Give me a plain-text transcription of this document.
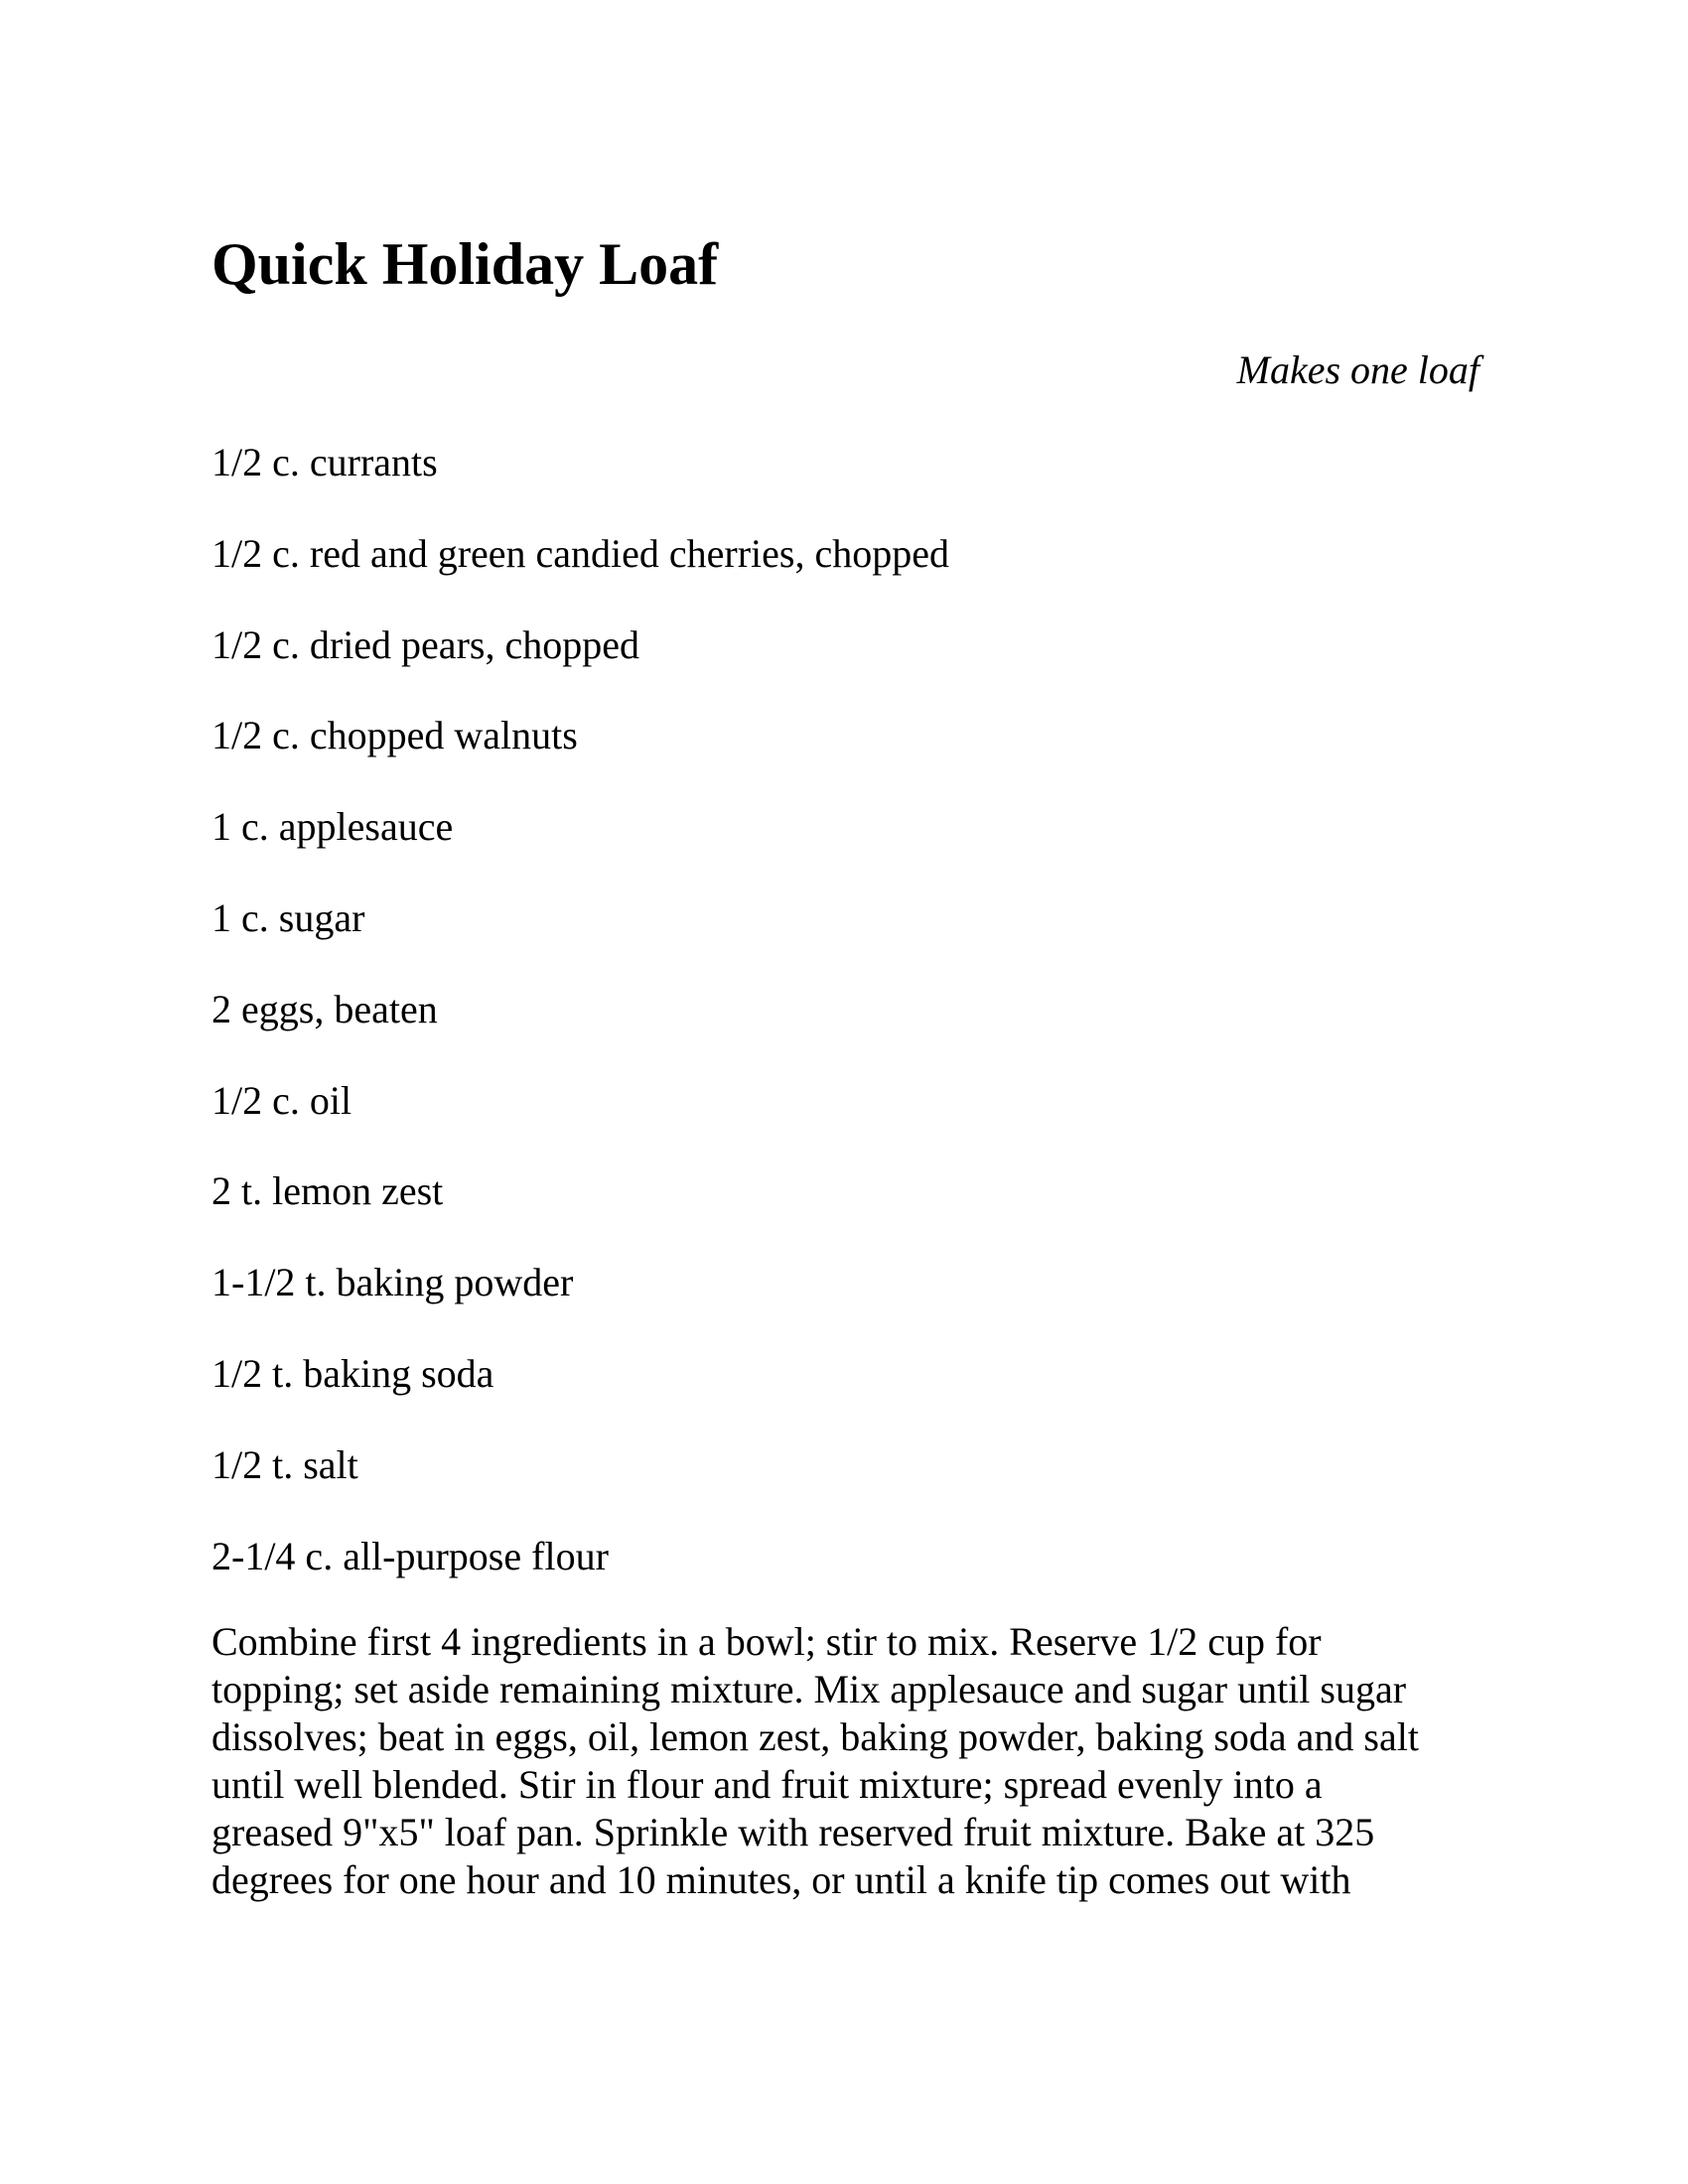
Quick Holiday Loaf

Makes one loaf

1/2 c. currants
1/2 c. red and green candied cherries, chopped
1/2 c. dried pears, chopped
1/2 c. chopped walnuts
1 c. applesauce
1 c. sugar
2 eggs, beaten
1/2 c. oil
2 t. lemon zest
1-1/2 t. baking powder
1/2 t. baking soda
1/2 t. salt
2-1/4 c. all-purpose flour

Combine first 4 ingredients in a bowl; stir to mix. Reserve 1/2 cup for
topping; set aside remaining mixture. Mix applesauce and sugar until sugar
dissolves; beat in eggs, oil, lemon zest, baking powder, baking soda and salt
until well blended. Stir in flour and fruit mixture; spread evenly into a
greased 9"x5" loaf pan. Sprinkle with reserved fruit mixture. Bake at 325
degrees for one hour and 10 minutes, or until a knife tip comes out with
